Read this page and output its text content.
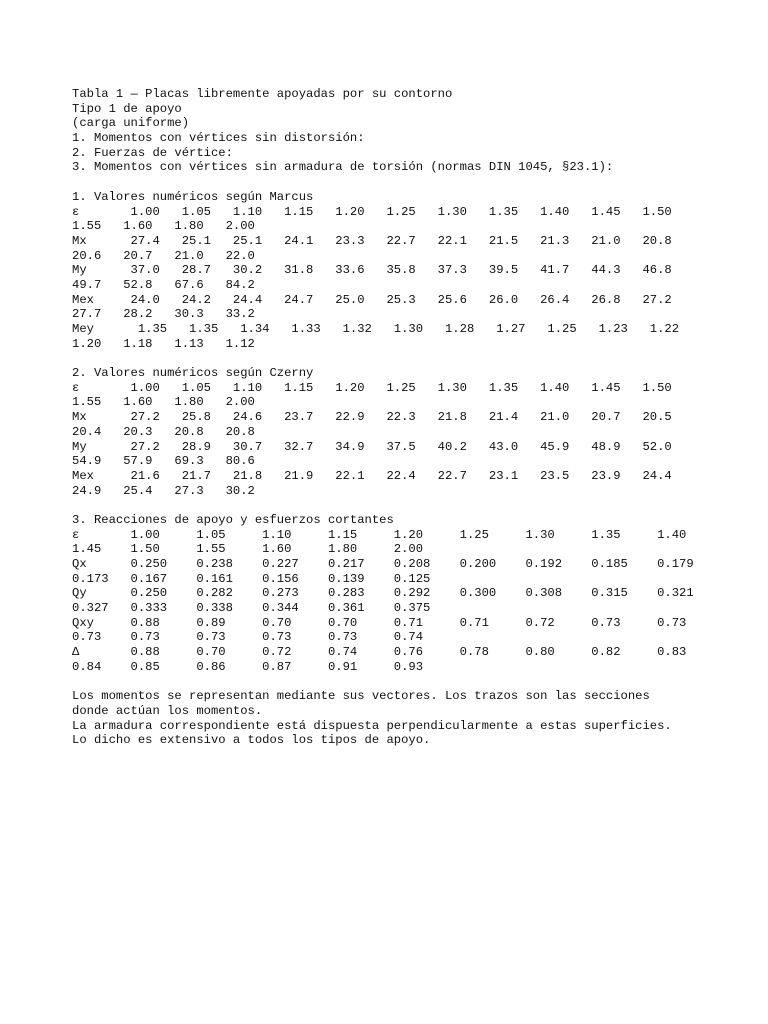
Tabla 1 — Placas libremente apoyadas por su contorno
Tipo 1 de apoyo
(carga uniforme)
1. Momentos con vértices sin distorsión:
2. Fuerzas de vértice:
3. Momentos con vértices sin armadura de torsión (normas DIN 1045, §23.1):
1. Valores numéricos según Marcus
ε       1.00   1.05   1.10   1.15   1.20   1.25   1.30   1.35   1.40   1.45   1.50
1.55   1.60   1.80   2.00
Mx      27.4   25.1   25.1   24.1   23.3   22.7   22.1   21.5   21.3   21.0   20.8
20.6   20.7   21.0   22.0
My      37.0   28.7   30.2   31.8   33.6   35.8   37.3   39.5   41.7   44.3   46.8
49.7   52.8   67.6   84.2
Mex     24.0   24.2   24.4   24.7   25.0   25.3   25.6   26.0   26.4   26.8   27.2
27.7   28.2   30.3   33.2
Mey      1.35   1.35   1.34   1.33   1.32   1.30   1.28   1.27   1.25   1.23   1.22
1.20   1.18   1.13   1.12
2. Valores numéricos según Czerny
ε       1.00   1.05   1.10   1.15   1.20   1.25   1.30   1.35   1.40   1.45   1.50
1.55   1.60   1.80   2.00
Mx      27.2   25.8   24.6   23.7   22.9   22.3   21.8   21.4   21.0   20.7   20.5
20.4   20.3   20.8   20.8
My      27.2   28.9   30.7   32.7   34.9   37.5   40.2   43.0   45.9   48.9   52.0
54.9   57.9   69.3   80.6
Mex     21.6   21.7   21.8   21.9   22.1   22.4   22.7   23.1   23.5   23.9   24.4
24.9   25.4   27.3   30.2
3. Reacciones de apoyo y esfuerzos cortantes
ε       1.00     1.05     1.10     1.15     1.20     1.25     1.30     1.35     1.40
1.45    1.50     1.55     1.60     1.80     2.00
Qx      0.250    0.238    0.227    0.217    0.208    0.200    0.192    0.185    0.179
0.173   0.167    0.161    0.156    0.139    0.125
Qy      0.250    0.282    0.273    0.283    0.292    0.300    0.308    0.315    0.321
0.327   0.333    0.338    0.344    0.361    0.375
Qxy     0.88     0.89     0.70     0.70     0.71     0.71     0.72     0.73     0.73
0.73    0.73     0.73     0.73     0.73     0.74
Δ       0.88     0.70     0.72     0.74     0.76     0.78     0.80     0.82     0.83
0.84    0.85     0.86     0.87     0.91     0.93
Los momentos se representan mediante sus vectores. Los trazos son las secciones
donde actúan los momentos.
La armadura correspondiente está dispuesta perpendicularmente a estas superficies.
Lo dicho es extensivo a todos los tipos de apoyo.
